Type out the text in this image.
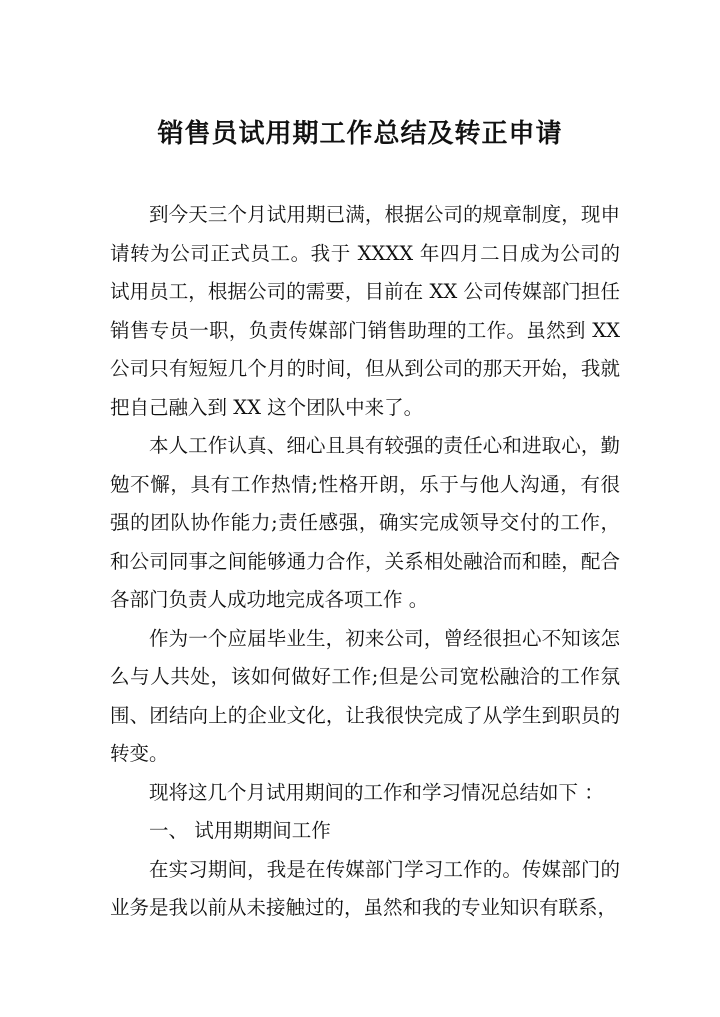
销售员试用期工作总结及转正申请

到今天三个月试用期已满，根据公司的规章制度，现申请转为公司正式员工。我于 XXXX 年四月二日成为公司的试用员工，根据公司的需要，目前在 XX 公司传媒部门担任销售专员一职，负责传媒部门销售助理的工作。虽然到 XX 公司只有短短几个月的时间，但从到公司的那天开始，我就把自己融入到 XX 这个团队中来了。

本人工作认真、细心且具有较强的责任心和进取心，勤勉不懈，具有工作热情;性格开朗，乐于与他人沟通，有很强的团队协作能力;责任感强，确实完成领导交付的工作，和公司同事之间能够通力合作，关系相处融洽而和睦，配合各部门负责人成功地完成各项工作 。

作为一个应届毕业生，初来公司，曾经很担心不知该怎么与人共处，该如何做好工作;但是公司宽松融洽的工作氛围、团结向上的企业文化，让我很快完成了从学生到职员的转变。

现将这几个月试用期间的工作和学习情况总结如下 ：

一、 试用期期间工作

在实习期间，我是在传媒部门学习工作的。传媒部门的业务是我以前从未接触过的，虽然和我的专业知识有联系，
